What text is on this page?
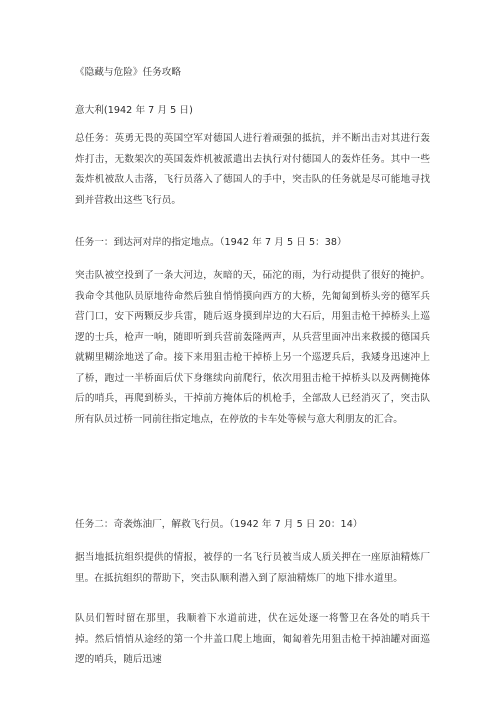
《隐藏与危险》任务攻略
意大利(1942 年 7 月 5 日)
总任务：英勇无畏的英国空军对德国人进行着顽强的抵抗，并不断出击对其进行轰炸打击，无数架次的英国轰炸机被派遣出去执行对付德国人的轰炸任务。其中一些轰炸机被敌人击落，飞行员落入了德国人的手中，突击队的任务就是尽可能地寻找到并营救出这些飞行员。
任务一：到达河对岸的指定地点。（1942 年 7 月 5 日 5：38）
突击队被空投到了一条大河边，灰暗的天，砳沱的雨，为行动提供了很好的掩护。我命令其他队员原地待命然后独自悄悄摸向西方的大桥，先匍匐到桥头旁的德军兵营门口，安下两颗反步兵雷，随后返身摸到岸边的大石后，用狙击枪干掉桥头上巡逻的士兵，枪声一响，随即听到兵营前轰隆两声，从兵营里面冲出来救援的德国兵就糊里糊涂地送了命。接下来用狙击枪干掉桥上另一个巡逻兵后，我矮身迅速冲上了桥，跑过一半桥面后伏下身继续向前爬行，依次用狙击枪干掉桥头以及两侧掩体后的哨兵，再爬到桥头，干掉前方掩体后的机枪手，全部敌人已经消灭了，突击队所有队员过桥一同前往指定地点，在停放的卡车处等候与意大利朋友的汇合。
任务二：奇袭炼油厂，解救飞行员。（1942 年 7 月 5 日 20：14）
据当地抵抗组织提供的情报，被俘的一名飞行员被当成人质关押在一座原油精炼厂里。在抵抗组织的帮助下，突击队顺利潜入到了原油精炼厂的地下排水道里。
队员们暂时留在那里，我顺着下水道前进，伏在远处逐一将警卫在各处的哨兵干掉。然后悄悄从途经的第一个井盖口爬上地面，匍匐着先用狙击枪干掉油罐对面巡逻的哨兵，随后迅速
